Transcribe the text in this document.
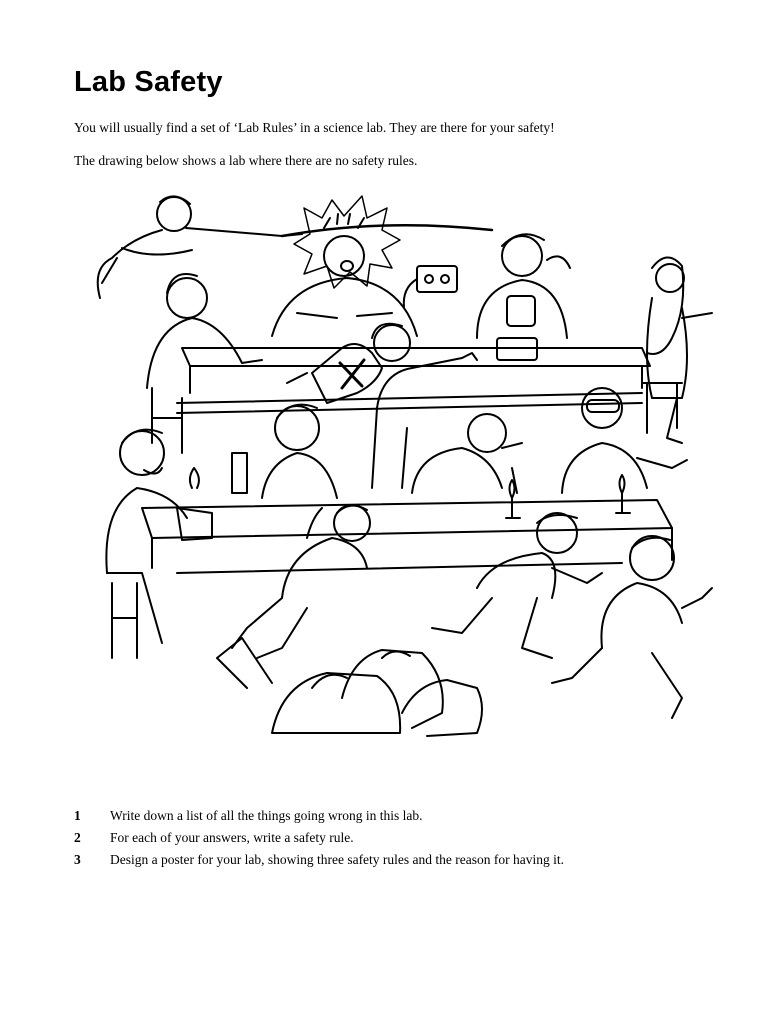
Lab Safety

You will usually find a set of ‘Lab Rules’ in a science lab. They are there for your safety!

The drawing below shows a lab where there are no safety rules.

1	Write down a list of all the things going wrong in this lab.
2	For each of your answers, write a safety rule.
3	Design a poster for your lab, showing three safety rules and the reason for having it.
